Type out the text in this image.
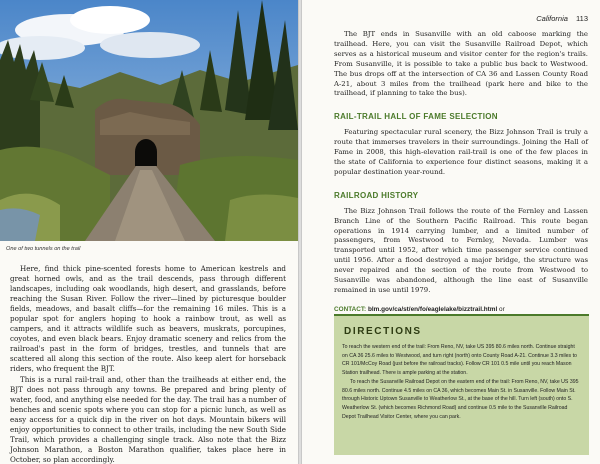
One of two tunnels on the trail

Here, find thick pine-scented forests home to American kestrels and great horned owls, and as the trail descends, pass through different landscapes, including oak woodlands, high desert, and grasslands, before reaching the Susan River. Follow the river—lined by picturesque boulder fields, meadows, and basalt cliffs—for the remaining 16 miles. This is a popular spot for anglers hoping to hook a rainbow trout, as well as campers, and it attracts wildlife such as beavers, muskrats, porcupines, coyotes, and even black bears. Enjoy dramatic scenery and relics from the railroad's past in the form of bridges, trestles, and tunnels that are scattered all along this section of the route. Also keep alert for horseback riders, who frequent the BJT.

This is a rural rail-trail and, other than the trailheads at either end, the BJT does not pass through any towns. Be prepared and bring plenty of water, food, and anything else needed for the day. The trail has a number of benches and scenic spots where you can stop for a picnic lunch, as well as easy access for a quick dip in the river on hot days. Mountain bikers will enjoy opportunities to connect to other trails, including the new South Side Trail, which provides a challenging single track. Also note that the Bizz Johnson Marathon, a Boston Marathon qualifier, takes place here in October, so plan accordingly.

California 113

The BJT ends in Susanville with an old caboose marking the trailhead. Here, you can visit the Susanville Railroad Depot, which serves as a historical museum and visitor center for the region's trails. From Susanville, it is possible to take a public bus back to Westwood. The bus drops off at the intersection of CA 36 and Lassen County Road A-21, about 3 miles from the trailhead (park here and bike to the trailhead, if planning to take the bus).

RAIL-TRAIL HALL OF FAME SELECTION

Featuring spectacular rural scenery, the Bizz Johnson Trail is truly a route that immerses travelers in their surroundings. Joining the Hall of Fame in 2008, this high-elevation rail-trail is one of the few places in the state of California to experience four distinct seasons, making it a popular destination year-round.

RAILROAD HISTORY

The Bizz Johnson Trail follows the route of the Fernley and Lassen Branch Line of the Southern Pacific Railroad. This route began operations in 1914 carrying lumber, and a limited number of passengers, from Westwood to Fernley, Nevada. Lumber was transported until 1952, after which time passenger service continued until 1956. After a flood destroyed a major bridge, the structure was never repaired and the section of the route from Westwood to Susanville was abandoned, although the line east of Susanville remained in use until 1979.

CONTACT: blm.gov/ca/st/en/fo/eaglelake/bizztrail.html or

DIRECTIONS

To reach the western end of the trail: From Reno, NV, take US 395 80.6 miles north. Continue straight on CA 36 25.6 miles to Westwood, and turn right (north) onto County Road A-21. Continue 3.3 miles to CR 101/McCoy Road (just before the railroad tracks). Follow CR 101 0.5 mile until you reach Mason Station trailhead. There is ample parking at the station.

To reach the Susanville Railroad Depot on the eastern end of the trail: From Reno, NV, take US 395 80.6 miles north. Continue 4.5 miles on CA 36, which becomes Main St. in Susanville. Follow Main St. through Historic Uptown Susanville to Weatherlow St., at the base of the hill. Turn left (south) onto S. Weatherlow St. (which becomes Richmond Road) and continue 0.5 mile to the Susanville Railroad Depot Trailhead Visitor Center, where you can park.
